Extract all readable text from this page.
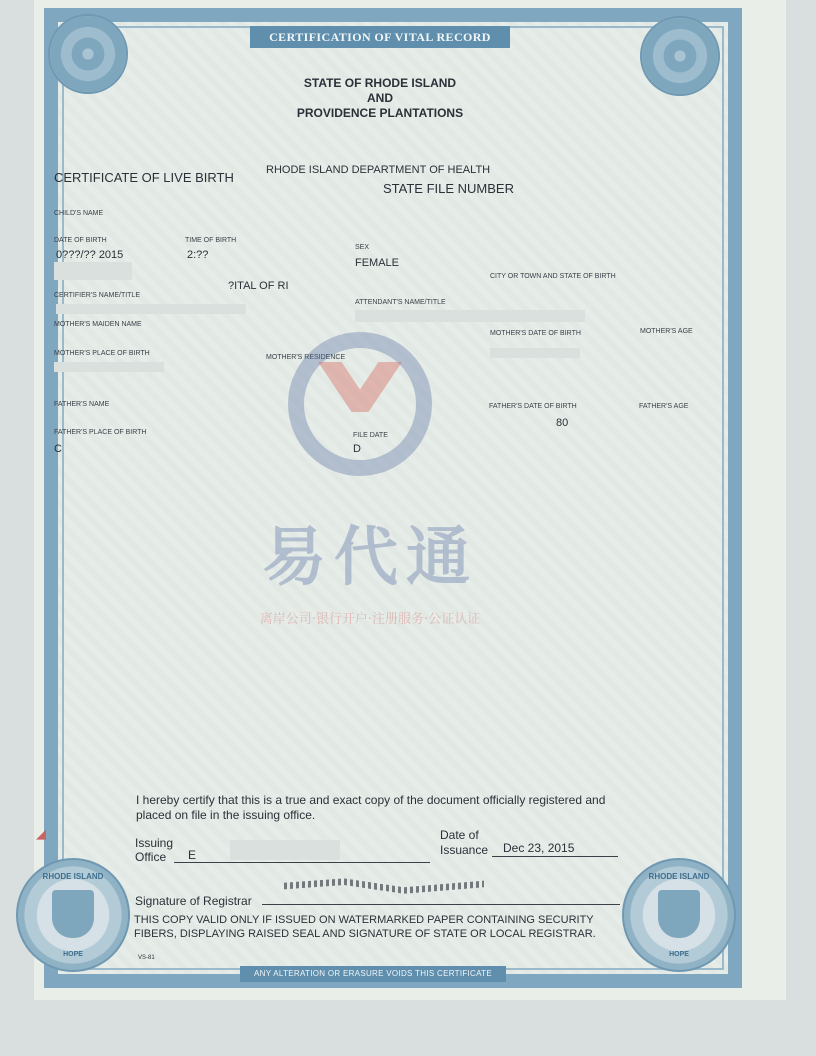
CERTIFICATION OF VITAL RECORD
STATE OF RHODE ISLAND
AND
PROVIDENCE PLANTATIONS
RHODE ISLAND DEPARTMENT OF HEALTH
CERTIFICATE OF LIVE BIRTH
STATE FILE NUMBER
CHILD'S NAME
DATE OF BIRTH
0???/?? 2015
TIME OF BIRTH
2:??
SEX
FEMALE
?ITAL OF RI
CITY OR TOWN AND STATE OF BIRTH
CERTIFIER'S NAME/TITLE
ATTENDANT'S NAME/TITLE
MOTHER'S MAIDEN NAME
MOTHER'S DATE OF BIRTH	MOTHER'S AGE
MOTHER'S PLACE OF BIRTH
MOTHER'S RESIDENCE
FATHER'S NAME	FATHER'S DATE OF BIRTH
80
FATHER'S AGE
FATHER'S PLACE OF BIRTH
C
FILE DATE
D
易代通
离岸公司·银行开户·注册服务·公证认证
I hereby certify that this is a true and exact copy of the document officially registered and placed on file in the issuing office.
Issuing
Office E
Date of
Issuance Dec 23, 2015
Signature of Registrar
THIS COPY VALID ONLY IF ISSUED ON WATERMARKED PAPER CONTAINING SECURITY
FIBERS, DISPLAYING RAISED SEAL AND SIGNATURE OF STATE OR LOCAL REGISTRAR.
VS-81
◢
RHODE ISLAND
HOPE
RHODE ISLAND
HOPE
ANY ALTERATION OR ERASURE VOIDS THIS CERTIFICATE
